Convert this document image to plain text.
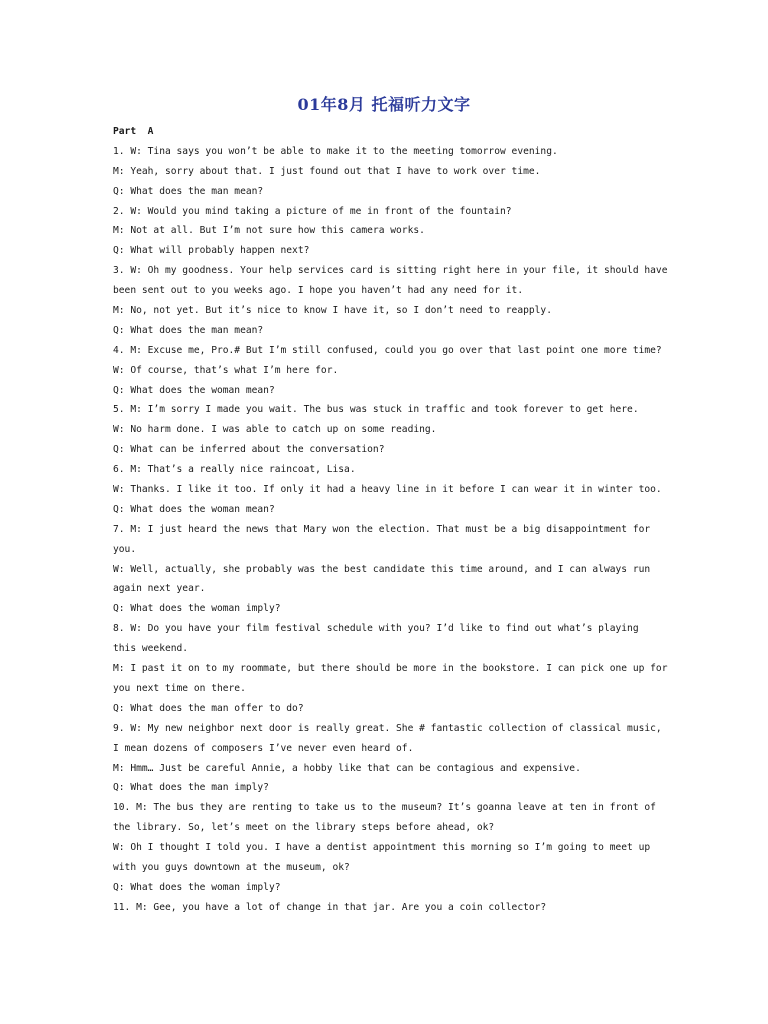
01年8月 托福听力文字
Part  A
1. W: Tina says you won’t be able to make it to the meeting tomorrow evening.
M: Yeah, sorry about that. I just found out that I have to work over time.
Q: What does the man mean?
2. W: Would you mind taking a picture of me in front of the fountain?
M: Not at all. But I’m not sure how this camera works.
Q: What will probably happen next?
3. W: Oh my goodness. Your help services card is sitting right here in your file, it should have
been sent out to you weeks ago. I hope you haven’t had any need for it.
M: No, not yet. But it’s nice to know I have it, so I don’t need to reapply.
Q: What does the man mean?
4. M: Excuse me, Pro.# But I’m still confused, could you go over that last point one more time?
W: Of course, that’s what I’m here for.
Q: What does the woman mean?
5. M: I’m sorry I made you wait. The bus was stuck in traffic and took forever to get here.
W: No harm done. I was able to catch up on some reading.
Q: What can be inferred about the conversation?
6. M: That’s a really nice raincoat, Lisa.
W: Thanks. I like it too. If only it had a heavy line in it before I can wear it in winter too.
Q: What does the woman mean?
7. M: I just heard the news that Mary won the election. That must be a big disappointment for
you.
W: Well, actually, she probably was the best candidate this time around, and I can always run
again next year.
Q: What does the woman imply?
8. W: Do you have your film festival schedule with you? I’d like to find out what’s playing
this weekend.
M: I past it on to my roommate, but there should be more in the bookstore. I can pick one up for
you next time on there.
Q: What does the man offer to do?
9. W: My new neighbor next door is really great. She # fantastic collection of classical music,
I mean dozens of composers I’ve never even heard of.
M: Hmm… Just be careful Annie, a hobby like that can be contagious and expensive.
Q: What does the man imply?
10. M: The bus they are renting to take us to the museum? It’s goanna leave at ten in front of
the library. So, let’s meet on the library steps before ahead, ok?
W: Oh I thought I told you. I have a dentist appointment this morning so I’m going to meet up
with you guys downtown at the museum, ok?
Q: What does the woman imply?
11. M: Gee, you have a lot of change in that jar. Are you a coin collector?
